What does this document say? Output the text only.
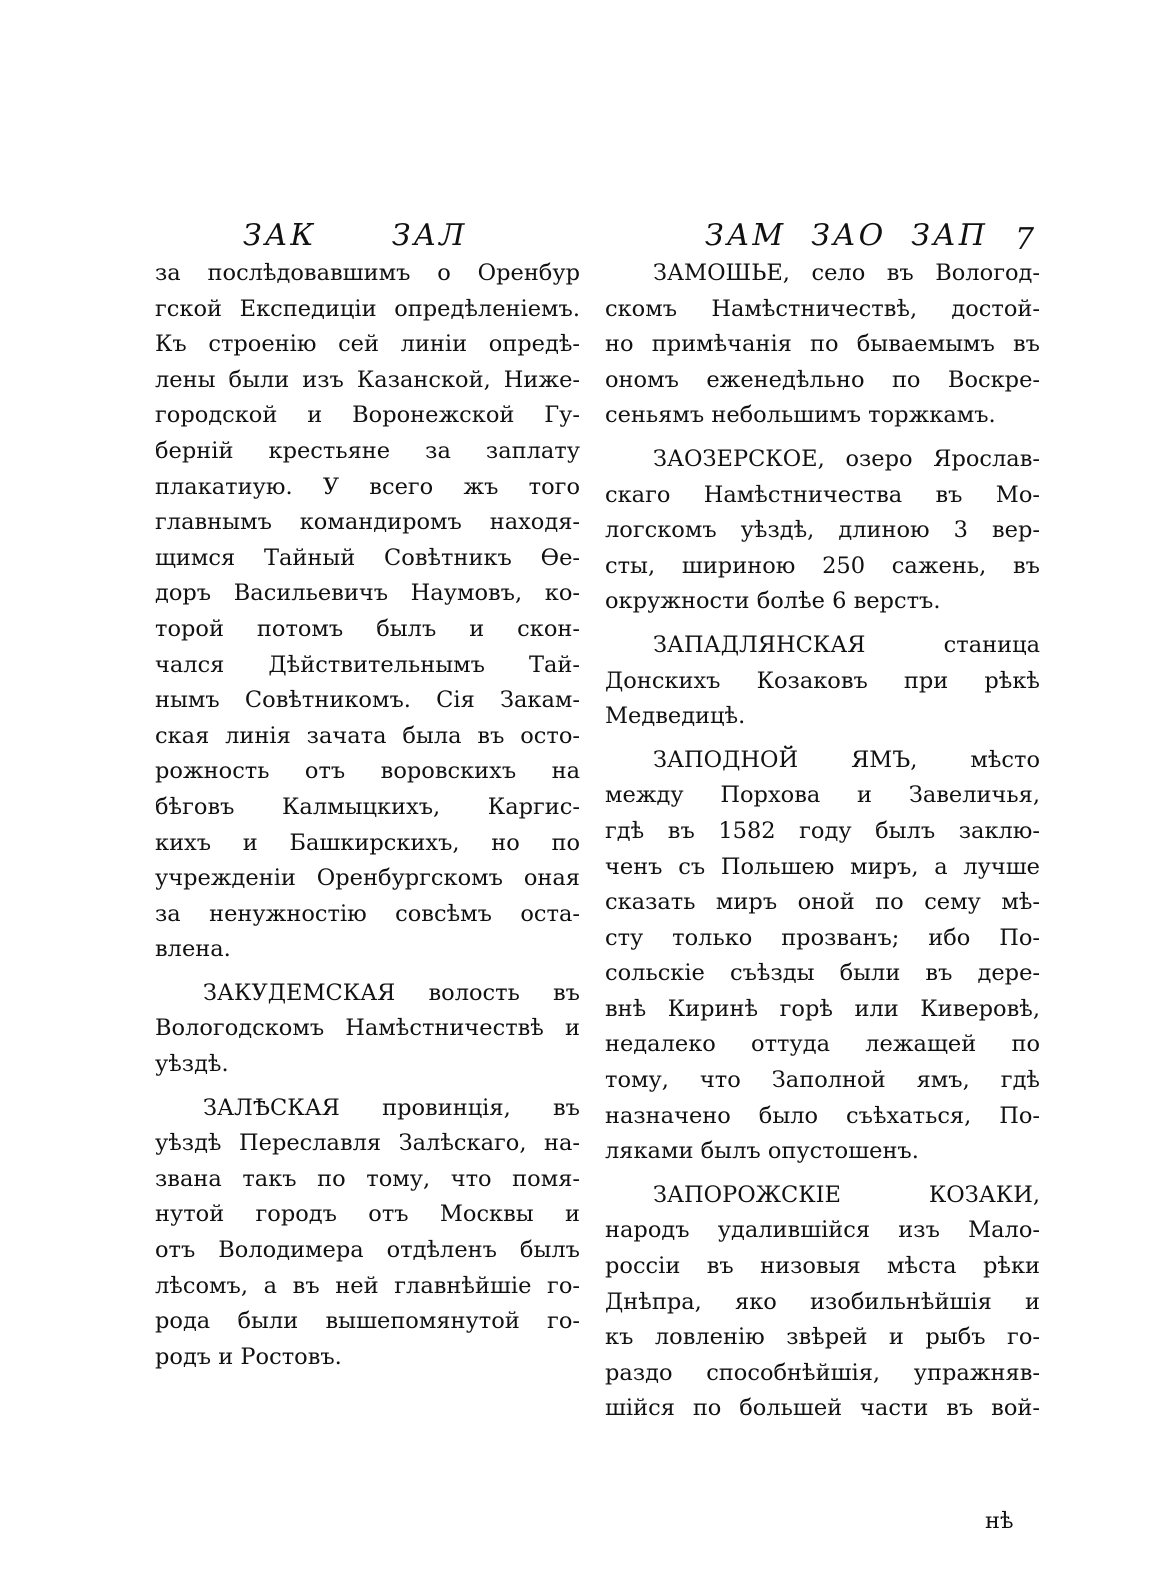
ЗАК      ЗАЛ	ЗАМ  ЗАО  ЗАП 7
за послѣдовавшимъ о Оренбур
гской Експедиціи опредѣленіемъ.
Къ строенію сей линіи опредѣ-
лены были изъ Казанской, Нижe-
городской и Воронежской Гу-
берній крестьяне за заплату
плакатиую. У всего жъ того
главнымъ командиромъ находя-
щимся Тайный Совѣтникъ Ѳе-
доръ Васильевичъ Наумовъ, ко-
торой потомъ былъ и скон-
чался Дѣйствительнымъ Тай-
нымъ Совѣтникомъ. Сія Закам-
ская линія зачата была въ осто-
рожность отъ воровскихъ на
бѣговъ Калмыцкихъ, Каргис-
кихъ и Башкирскихъ, но по
учрежденіи Оренбургскомъ оная
за ненужностію совсѣмъ оста-
влена.
ЗАКУДЕМСКАЯ волость въ
Вологодскомъ Намѣстничествѣ и
уѣздѣ.
ЗАЛѢСКАЯ провинція, въ
уѣздѣ Переславля Залѣскаго, на-
звана такъ по тому, что помя-
нутой городъ отъ Москвы и
отъ Володимера отдѣленъ былъ
лѣсомъ, а въ ней главнѣйшіе го-
рода были вышепомянутой го-
родъ и Ростовъ.
ЗАМОШЬЕ, село въ Вологод-
скомъ Намѣстничествѣ, достой-
но примѣчанія по бываемымъ въ
ономъ еженедѣльно по Воскре-
сеньямъ небольшимъ торжкамъ.
ЗАОЗЕРСКОЕ, озеро Ярослав-
скаго Намѣстничества въ Мо-
логскомъ уѣздѣ, длиною 3 вер-
сты, шириною 250 сажень, въ
окружности болѣе 6 верстъ.
ЗАПАДЛЯНСКАЯ станица
Донскихъ Козаковъ при рѣкѣ
Медведицѣ.
ЗАПОДНОЙ ЯМЪ, мѣсто
между Порхова и Завеличья,
гдѣ въ 1582 году былъ заклю-
ченъ съ Польшею миръ, а лучше
сказать миръ оной по сему мѣ-
сту только прозванъ; ибо По-
сольскіе съѣзды были въ дере-
внѣ Киринѣ горѣ или Киверовѣ,
недалеко оттуда лежащей по
тому, что Заполной ямъ, гдѣ
назначено было съѣхаться, По-
ляками былъ опустошенъ.
ЗАПОРОЖСКІЕ КОЗАКИ,
народъ удалившійся изъ Мало-
россіи въ низовыя мѣста рѣки
Днѣпра, яко изобильнѣйшія и
къ ловленію звѣрей и рыбъ го-
раздо способнѣйшія, упражняв-
шійся по большей части въ вой-
нѣ
